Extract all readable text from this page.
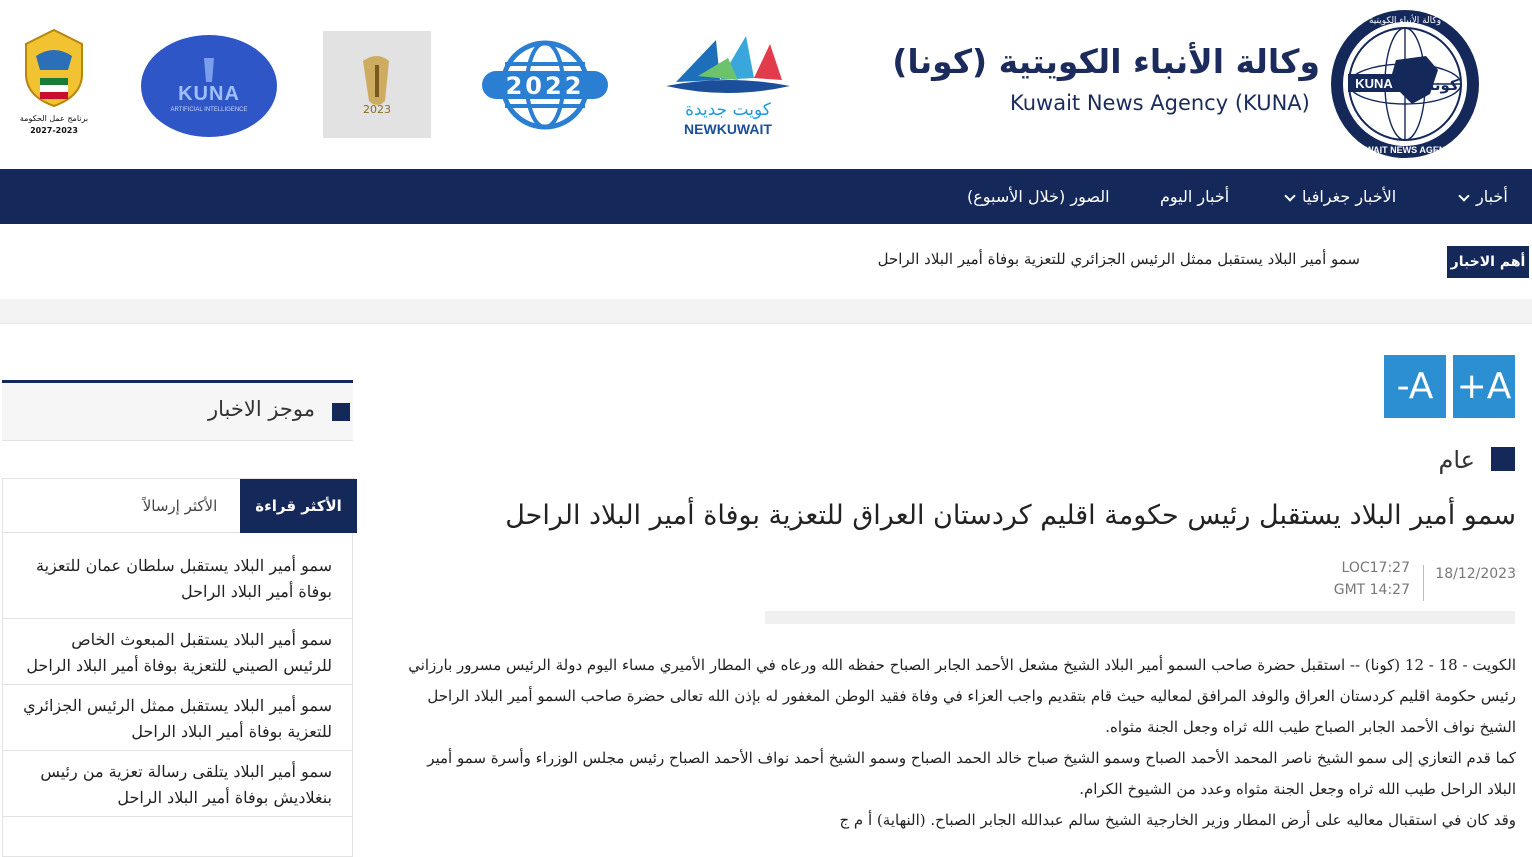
KUNA كونا
وكالة الأنباء الكويتية
KUWAIT NEWS AGENCY
وكالة الأنباء الكويتية (كونا)
Kuwait News Agency (KUNA)
كويت جديدة
NEWKUWAIT
2022
2023
KUNA
ARTIFICIAL INTELLIGENCE
برنامج عمل الحكومة
2027-2023
أخبار
الأخبار جغرافيا
أخبار اليوم
الصور (خلال الأسبوع)
أهم الاخبار
سمو أمير البلاد يستقبل ممثل الرئيس الجزائري للتعزية بوفاة أمير البلاد الراحل
+A
-A
عام
سمو أمير البلاد يستقبل رئيس حكومة اقليم كردستان العراق للتعزية بوفاة أمير البلاد الراحل
18/12/2023
LOC17:27
GMT 14:27

الكويت - 18 - 12 (كونا) -- استقبل حضرة صاحب السمو أمير البلاد الشيخ مشعل الأحمد الجابر الصباح حفظه الله ورعاه في المطار الأميري مساء اليوم دولة الرئيس مسرور بارزاني رئيس حكومة اقليم كردستان العراق والوفد المرافق لمعاليه حيث قام بتقديم واجب العزاء في وفاة فقيد الوطن المغفور له بإذن الله تعالى حضرة صاحب السمو أمير البلاد الراحل الشيخ نواف الأحمد الجابر الصباح طيب الله ثراه وجعل الجنة مثواه.

كما قدم التعازي إلى سمو الشيخ ناصر المحمد الأحمد الصباح وسمو الشيخ صباح خالد الحمد الصباح وسمو الشيخ أحمد نواف الأحمد الصباح رئيس مجلس الوزراء وأسرة سمو أمير البلاد الراحل طيب الله ثراه وجعل الجنة مثواه وعدد من الشيوخ الكرام.

وقد كان في استقبال معاليه على أرض المطار وزير الخارجية الشيخ سالم عبدالله الجابر الصباح. (النهاية) أ م ج

موجز الاخبار
الأكثر قراءة
الأكثر إرسالاً
سمو أمير البلاد يستقبل سلطان عمان للتعزية بوفاة أمير البلاد الراحل
سمو أمير البلاد يستقبل المبعوث الخاص للرئيس الصيني للتعزية بوفاة أمير البلاد الراحل
سمو أمير البلاد يستقبل ممثل الرئيس الجزائري للتعزية بوفاة أمير البلاد الراحل
سمو أمير البلاد يتلقى رسالة تعزية من رئيس بنغلاديش بوفاة أمير البلاد الراحل
